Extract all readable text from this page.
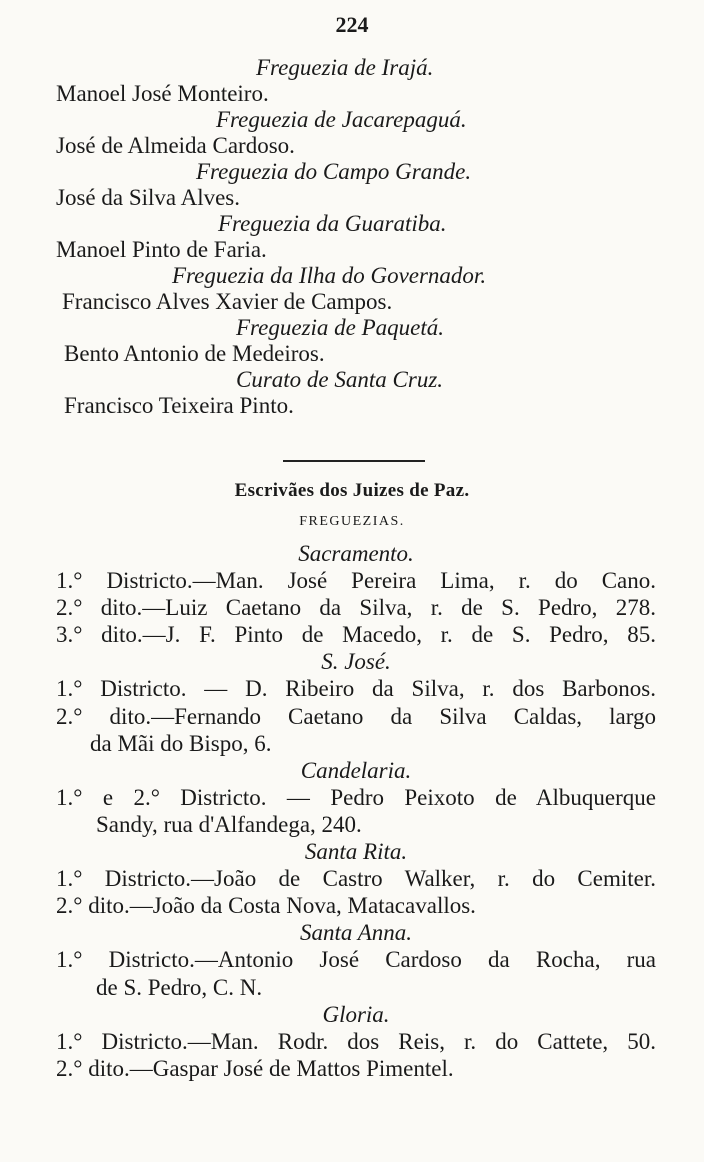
224
Freguezia de Irajá.
Manoel José Monteiro.
Freguezia de Jacarepaguá.
José de Almeida Cardoso.
Freguezia do Campo Grande.
José da Silva Alves.
Freguezia da Guaratiba.
Manoel Pinto de Faria.
Freguezia da Ilha do Governador.
Francisco Alves Xavier de Campos.
Freguezia de Paquetá.
Bento Antonio de Medeiros.
Curato de Santa Cruz.
Francisco Teixeira Pinto.
Escrivães dos Juizes de Paz.
FREGUEZIAS.
Sacramento.
1.° Districto.—Man. José Pereira Lima, r. do Cano.
2.° dito.—Luiz Caetano da Silva, r. de S. Pedro, 278.
3.° dito.—J. F. Pinto de Macedo, r. de S. Pedro, 85.
S. José.
1.° Districto. — D. Ribeiro da Silva, r. dos Barbonos.
2.° dito.—Fernando Caetano da Silva Caldas, largo
da Mãi do Bispo, 6.
Candelaria.
1.° e 2.° Districto. — Pedro Peixoto de Albuquerque
Sandy, rua d'Alfandega, 240.
Santa Rita.
1.° Districto.—João de Castro Walker, r. do Cemiter.
2.° dito.—João da Costa Nova, Matacavallos.
Santa Anna.
1.° Districto.—Antonio José Cardoso da Rocha, rua
de S. Pedro, C. N.
Gloria.
1.° Districto.—Man. Rodr. dos Reis, r. do Cattete, 50.
2.° dito.—Gaspar José de Mattos Pimentel.
